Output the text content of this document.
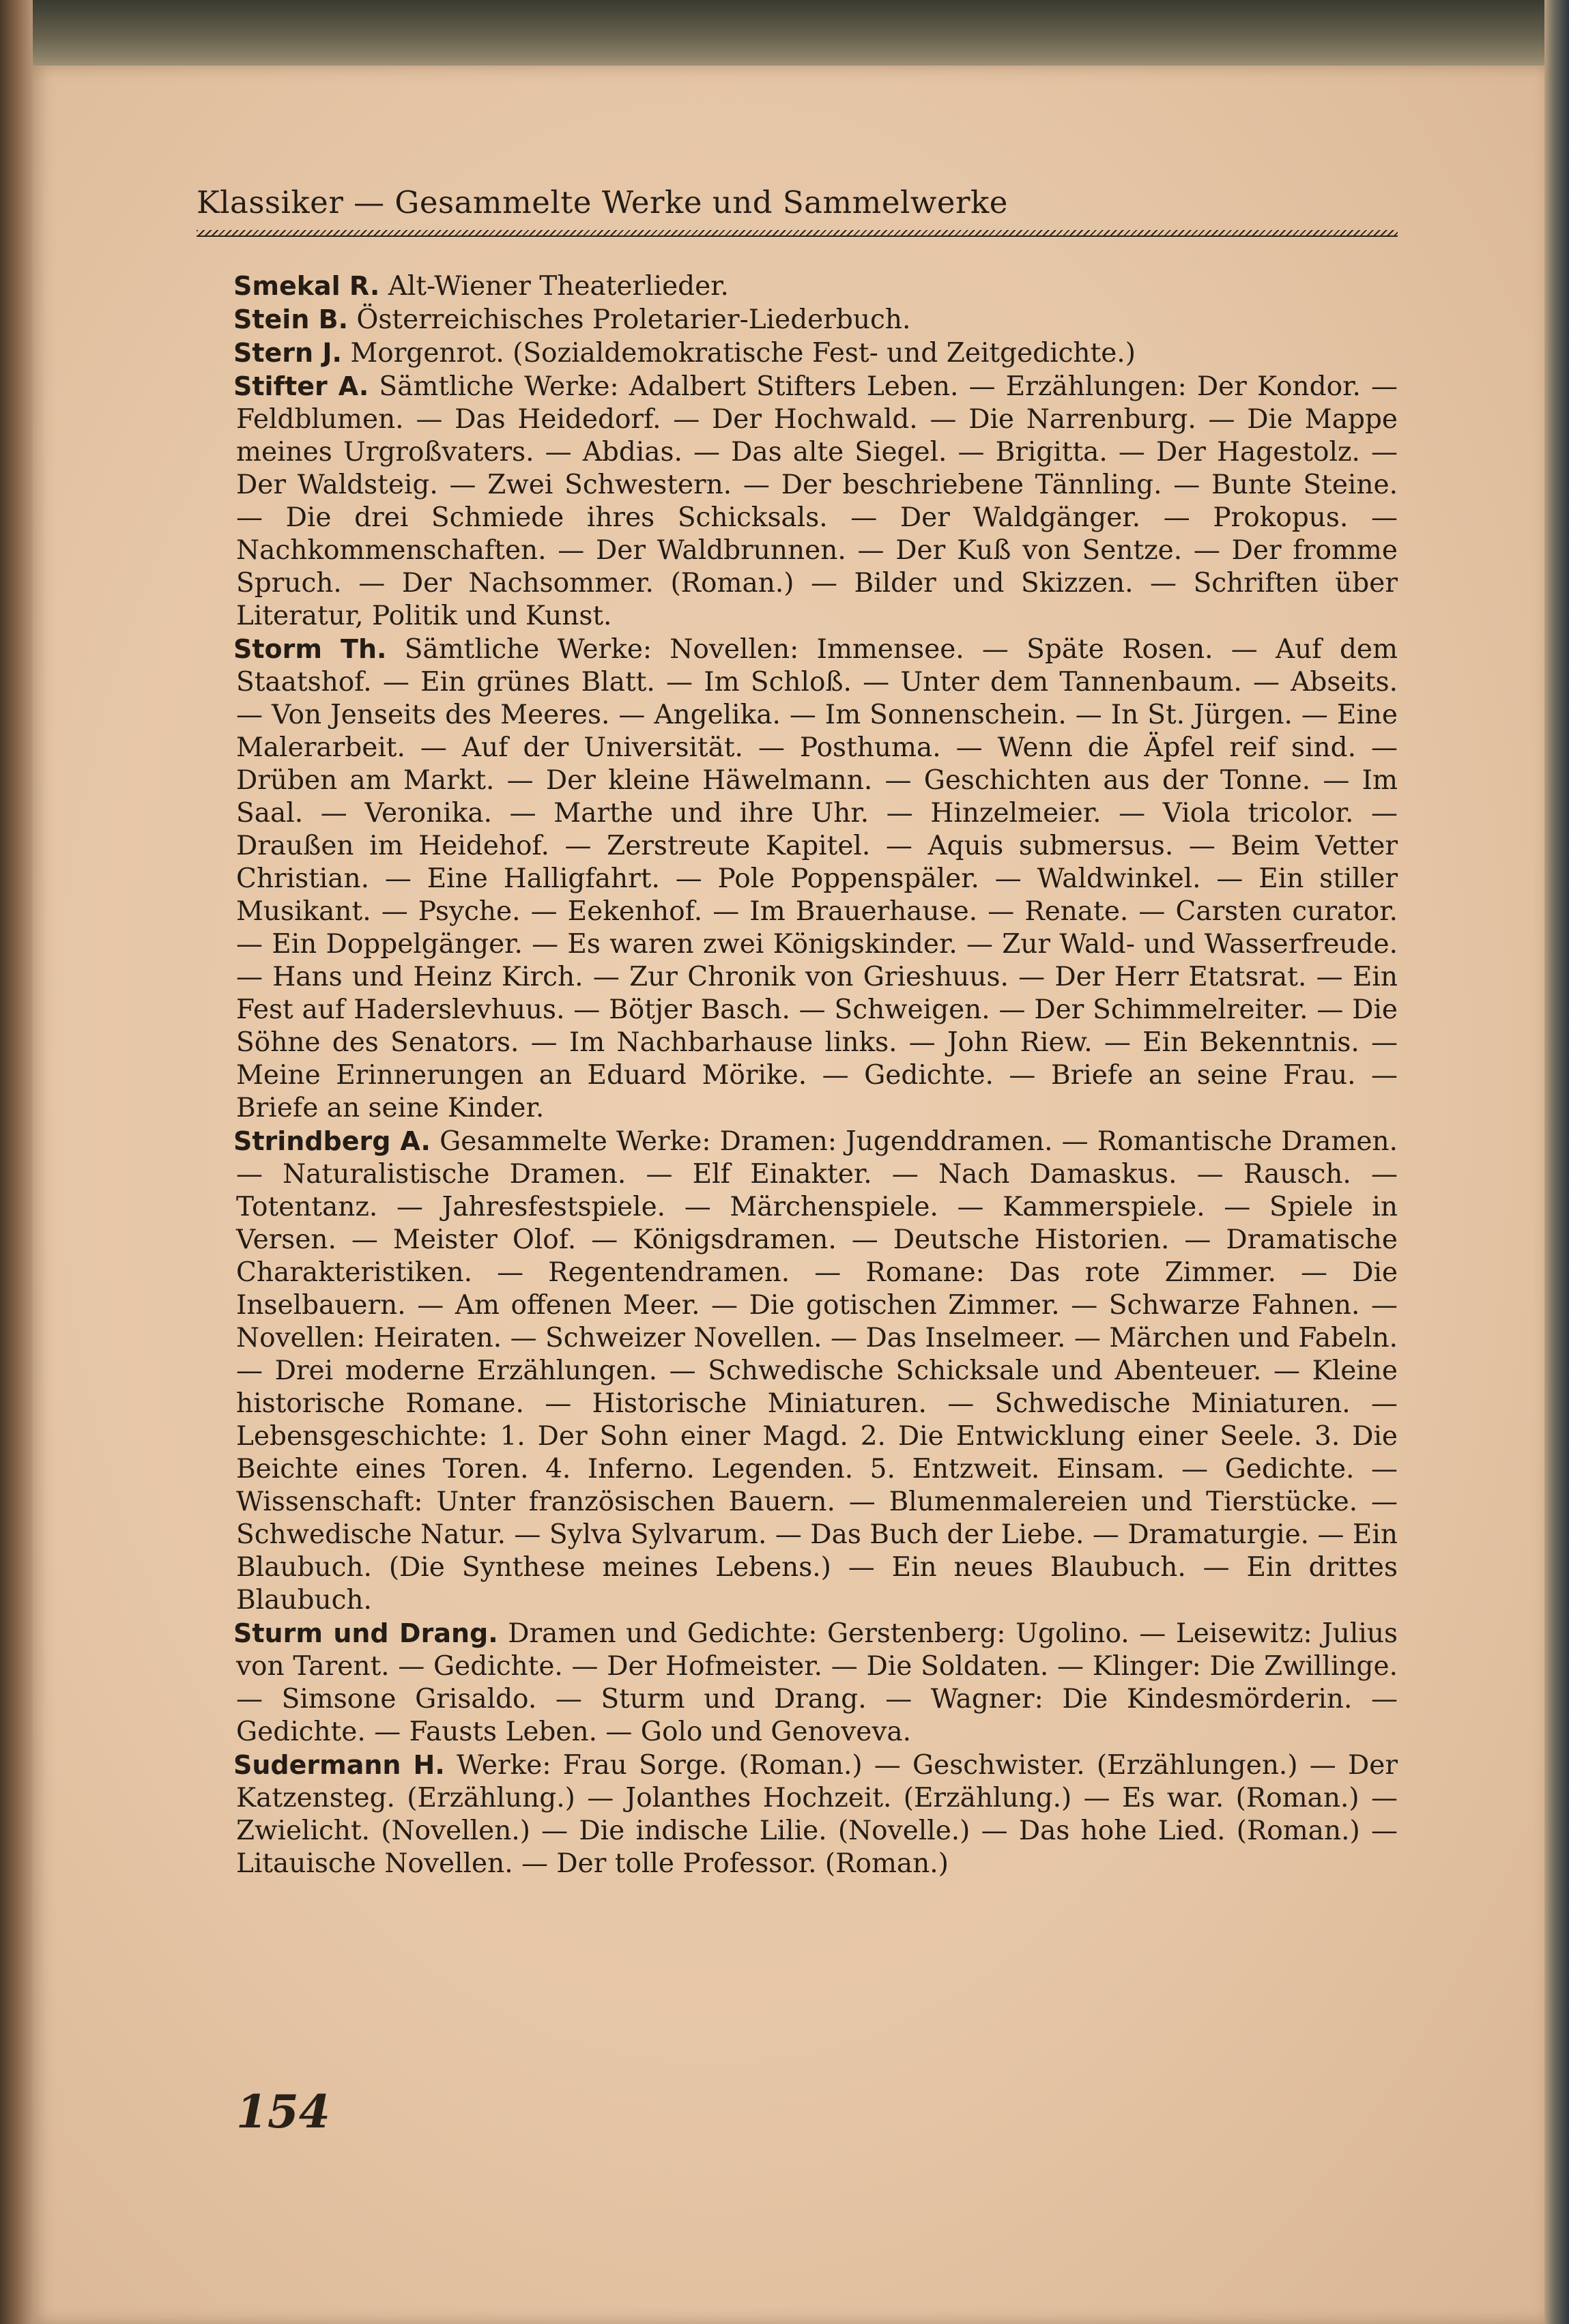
Klassiker — Gesammelte Werke und Sammelwerke

Smekal R. Alt-Wiener Theaterlieder.

Stein B. Österreichisches Proletarier-Liederbuch.

Stern J. Morgenrot. (Sozialdemokratische Fest- und Zeitgedichte.)

Stifter A. Sämtliche Werke: Adalbert Stifters Leben. — Erzählungen: Der Kondor. — Feldblumen. — Das Heidedorf. — Der Hochwald. — Die Narrenburg. — Die Mappe meines Urgroßvaters. — Abdias. — Das alte Siegel. — Brigitta. — Der Hagestolz. — Der Waldsteig. — Zwei Schwestern. — Der beschriebene Tännling. — Bunte Steine. — Die drei Schmiede ihres Schicksals. — Der Waldgänger. — Prokopus. — Nachkommenschaften. — Der Waldbrunnen. — Der Kuß von Sentze. — Der fromme Spruch. — Der Nachsommer. (Roman.) — Bilder und Skizzen. — Schriften über Literatur, Politik und Kunst.

Storm Th. Sämtliche Werke: Novellen: Immensee. — Späte Rosen. — Auf dem Staatshof. — Ein grünes Blatt. — Im Schloß. — Unter dem Tannenbaum. — Abseits. — Von Jenseits des Meeres. — Angelika. — Im Sonnenschein. — In St. Jürgen. — Eine Malerarbeit. — Auf der Universität. — Posthuma. — Wenn die Äpfel reif sind. — Drüben am Markt. — Der kleine Häwelmann. — Geschichten aus der Tonne. — Im Saal. — Veronika. — Marthe und ihre Uhr. — Hinzelmeier. — Viola tricolor. — Draußen im Heidehof. — Zerstreute Kapitel. — Aquis submersus. — Beim Vetter Christian. — Eine Halligfahrt. — Pole Poppenspäler. — Waldwinkel. — Ein stiller Musikant. — Psyche. — Eekenhof. — Im Brauerhause. — Renate. — Carsten curator. — Ein Doppelgänger. — Es waren zwei Königskinder. — Zur Wald- und Wasserfreude. — Hans und Heinz Kirch. — Zur Chronik von Grieshuus. — Der Herr Etatsrat. — Ein Fest auf Haderslevhuus. — Bötjer Basch. — Schweigen. — Der Schimmelreiter. — Die Söhne des Senators. — Im Nachbarhause links. — John Riew. — Ein Bekenntnis. — Meine Erinnerungen an Eduard Mörike. — Gedichte. — Briefe an seine Frau. — Briefe an seine Kinder.

Strindberg A. Gesammelte Werke: Dramen: Jugenddramen. — Romantische Dramen. — Naturalistische Dramen. — Elf Einakter. — Nach Damaskus. — Rausch. — Totentanz. — Jahresfestspiele. — Märchenspiele. — Kammerspiele. — Spiele in Versen. — Meister Olof. — Königsdramen. — Deutsche Historien. — Dramatische Charakteristiken. — Regentendramen. — Romane: Das rote Zimmer. — Die Inselbauern. — Am offenen Meer. — Die gotischen Zimmer. — Schwarze Fahnen. — Novellen: Heiraten. — Schweizer Novellen. — Das Inselmeer. — Märchen und Fabeln. — Drei moderne Erzählungen. — Schwedische Schicksale und Abenteuer. — Kleine historische Romane. — Historische Miniaturen. — Schwedische Miniaturen. — Lebensgeschichte: 1. Der Sohn einer Magd. 2. Die Entwicklung einer Seele. 3. Die Beichte eines Toren. 4. Inferno. Legenden. 5. Entzweit. Einsam. — Gedichte. — Wissenschaft: Unter französischen Bauern. — Blumenmalereien und Tierstücke. — Schwedische Natur. — Sylva Sylvarum. — Das Buch der Liebe. — Dramaturgie. — Ein Blaubuch. (Die Synthese meines Lebens.) — Ein neues Blaubuch. — Ein drittes Blaubuch.

Sturm und Drang. Dramen und Gedichte: Gerstenberg: Ugolino. — Leisewitz: Julius von Tarent. — Gedichte. — Der Hofmeister. — Die Soldaten. — Klinger: Die Zwillinge. — Simsone Grisaldo. — Sturm und Drang. — Wagner: Die Kindesmörderin. — Gedichte. — Fausts Leben. — Golo und Genoveva.

Sudermann H. Werke: Frau Sorge. (Roman.) — Geschwister. (Erzählungen.) — Der Katzensteg. (Erzählung.) — Jolanthes Hochzeit. (Erzählung.) — Es war. (Roman.) — Zwielicht. (Novellen.) — Die indische Lilie. (Novelle.) — Das hohe Lied. (Roman.) — Litauische Novellen. — Der tolle Professor. (Roman.)

154
